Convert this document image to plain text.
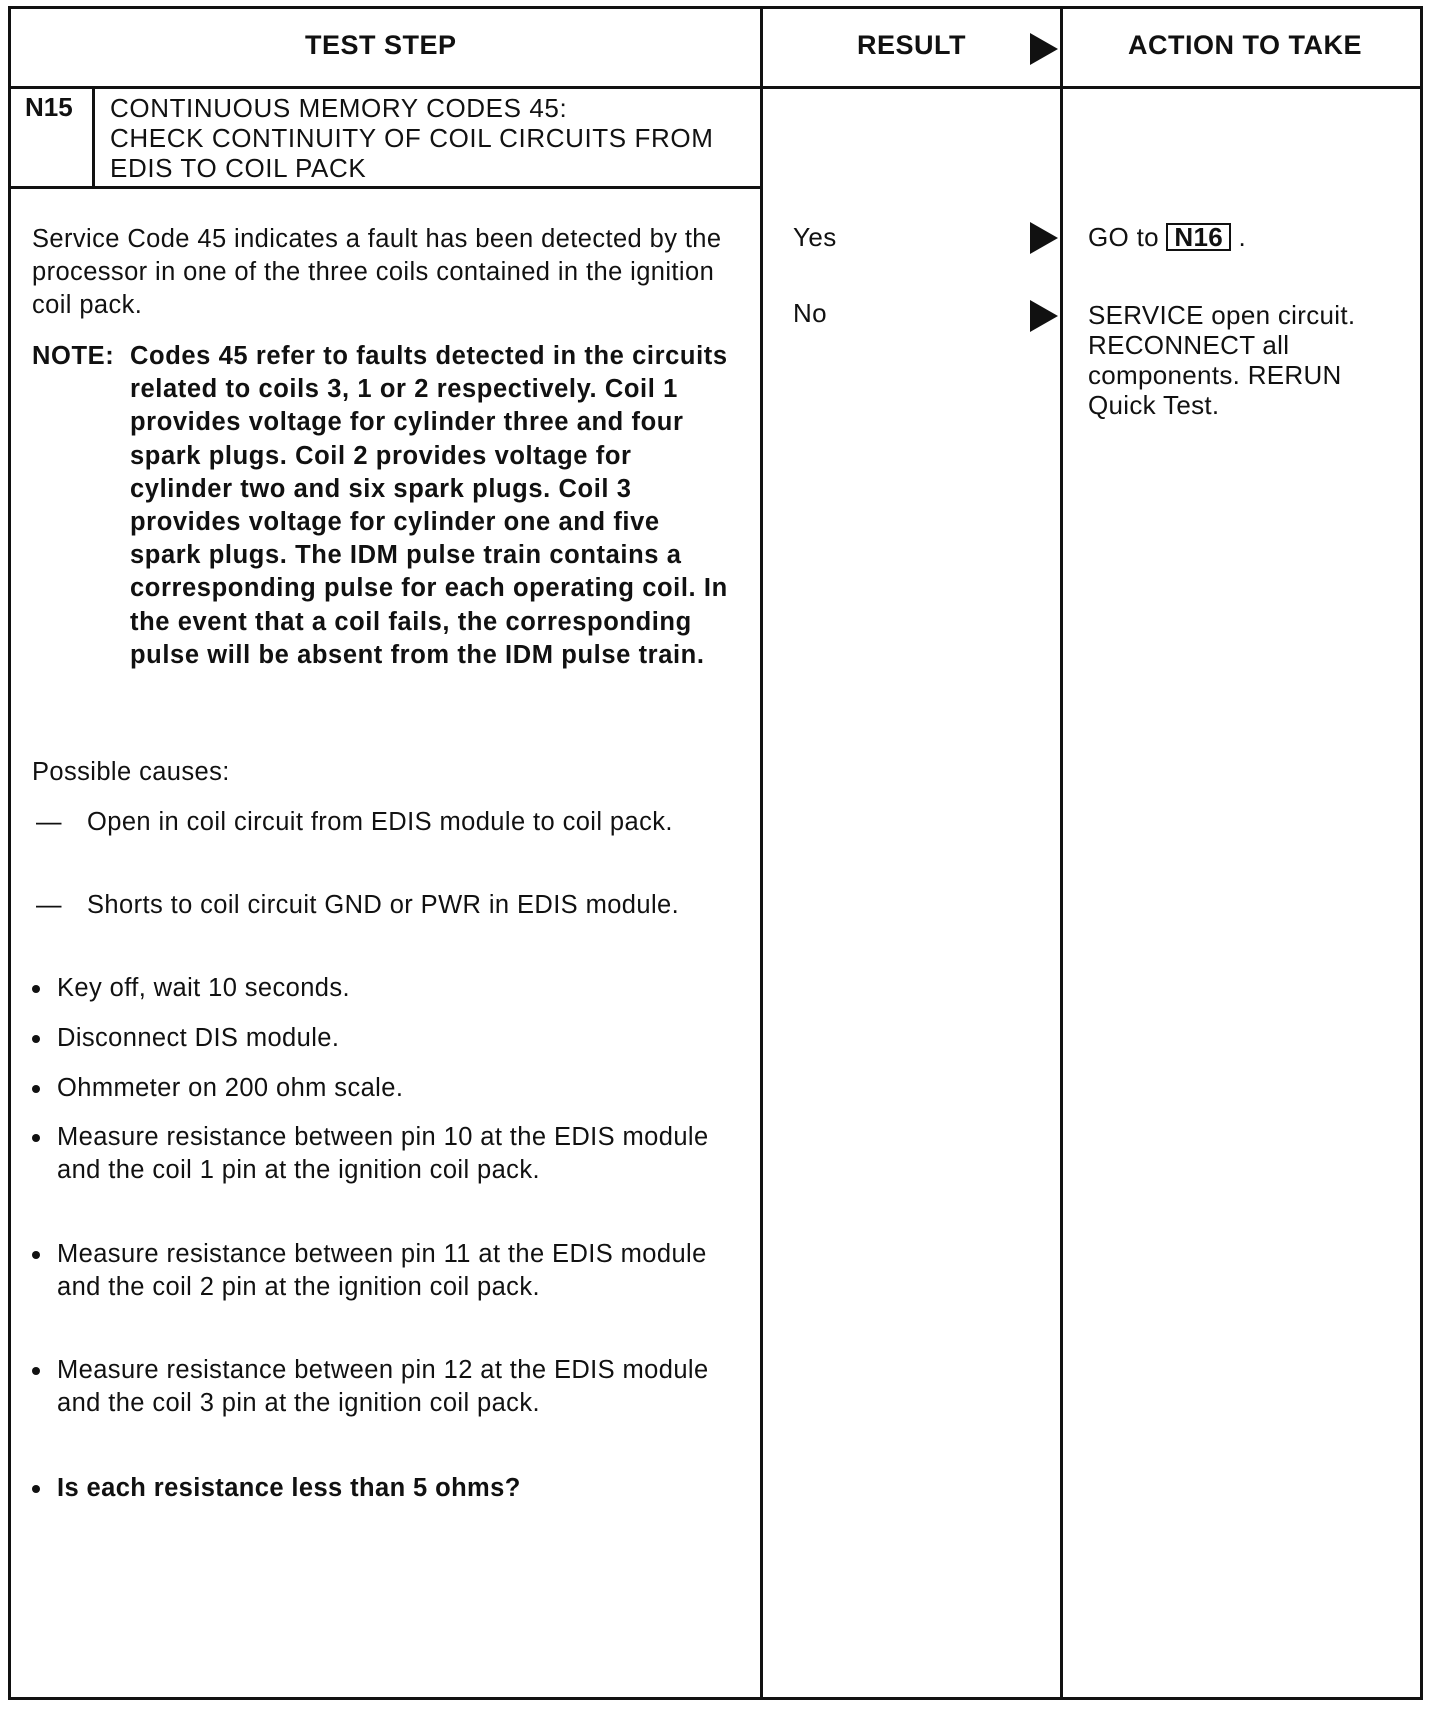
TEST STEP	RESULT	ACTION TO TAKE
N15 CONTINUOUS MEMORY CODES 45:
CHECK CONTINUITY OF COIL CIRCUITS FROM
EDIS TO COIL PACK

Service Code 45 indicates a fault has been detected by the processor in one of the three coils contained in the ignition coil pack.

NOTE: Codes 45 refer to faults detected in the circuits related to coils 3, 1 or 2 respectively. Coil 1 provides voltage for cylinder three and four spark plugs. Coil 2 provides voltage for cylinder two and six spark plugs. Coil 3 provides voltage for cylinder one and five spark plugs. The IDM pulse train contains a corresponding pulse for each operating coil. In the event that a coil fails, the corresponding pulse will be absent from the IDM pulse train.

Possible causes:

— Open in coil circuit from EDIS module to coil pack.

— Shorts to coil circuit GND or PWR in EDIS module.

Key off, wait 10 seconds.

Disconnect DIS module.

Ohmmeter on 200 ohm scale.

Measure resistance between pin 10 at the EDIS module and the coil 1 pin at the ignition coil pack.

Measure resistance between pin 11 at the EDIS module and the coil 2 pin at the ignition coil pack.

Measure resistance between pin 12 at the EDIS module and the coil 3 pin at the ignition coil pack.

Is each resistance less than 5 ohms?

Yes	GO to N16 .

No	SERVICE open circuit. RECONNECT all components. RERUN Quick Test.
